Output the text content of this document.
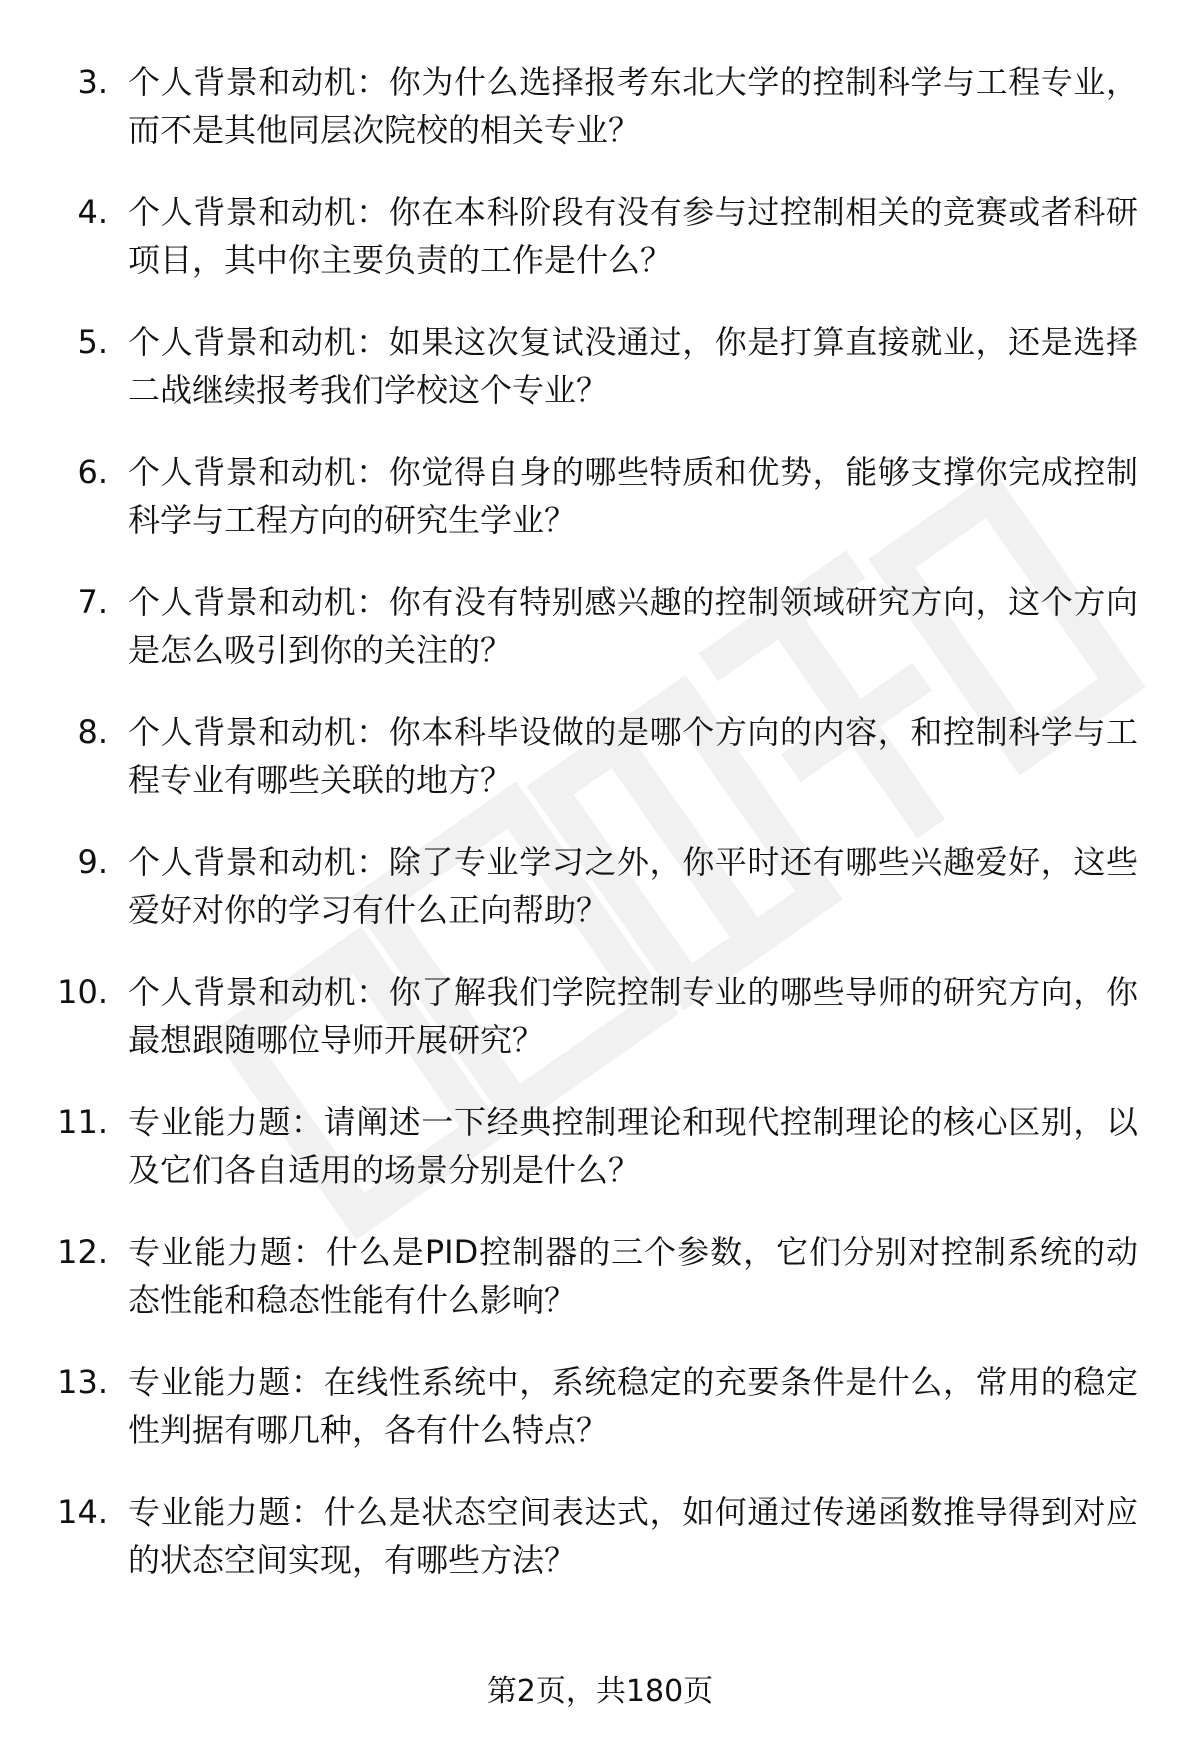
3. 个人背景和动机：你为什么选择报考东北大学的控制科学与工程专业，而不是其他同层次院校的相关专业？

4. 个人背景和动机：你在本科阶段有没有参与过控制相关的竞赛或者科研项目，其中你主要负责的工作是什么？

5. 个人背景和动机：如果这次复试没通过，你是打算直接就业，还是选择二战继续报考我们学校这个专业？

6. 个人背景和动机：你觉得自身的哪些特质和优势，能够支撑你完成控制科学与工程方向的研究生学业？

7. 个人背景和动机：你有没有特别感兴趣的控制领域研究方向，这个方向是怎么吸引到你的关注的？

8. 个人背景和动机：你本科毕设做的是哪个方向的内容，和控制科学与工程专业有哪些关联的地方？

9. 个人背景和动机：除了专业学习之外，你平时还有哪些兴趣爱好，这些爱好对你的学习有什么正向帮助？

10. 个人背景和动机：你了解我们学院控制专业的哪些导师的研究方向，你最想跟随哪位导师开展研究？

11. 专业能力题：请阐述一下经典控制理论和现代控制理论的核心区别，以及它们各自适用的场景分别是什么？

12. 专业能力题：什么是PID控制器的三个参数，它们分别对控制系统的动态性能和稳态性能有什么影响？

13. 专业能力题：在线性系统中，系统稳定的充要条件是什么，常用的稳定性判据有哪几种，各有什么特点？

14. 专业能力题：什么是状态空间表达式，如何通过传递函数推导得到对应的状态空间实现，有哪些方法？

第2页，共180页
